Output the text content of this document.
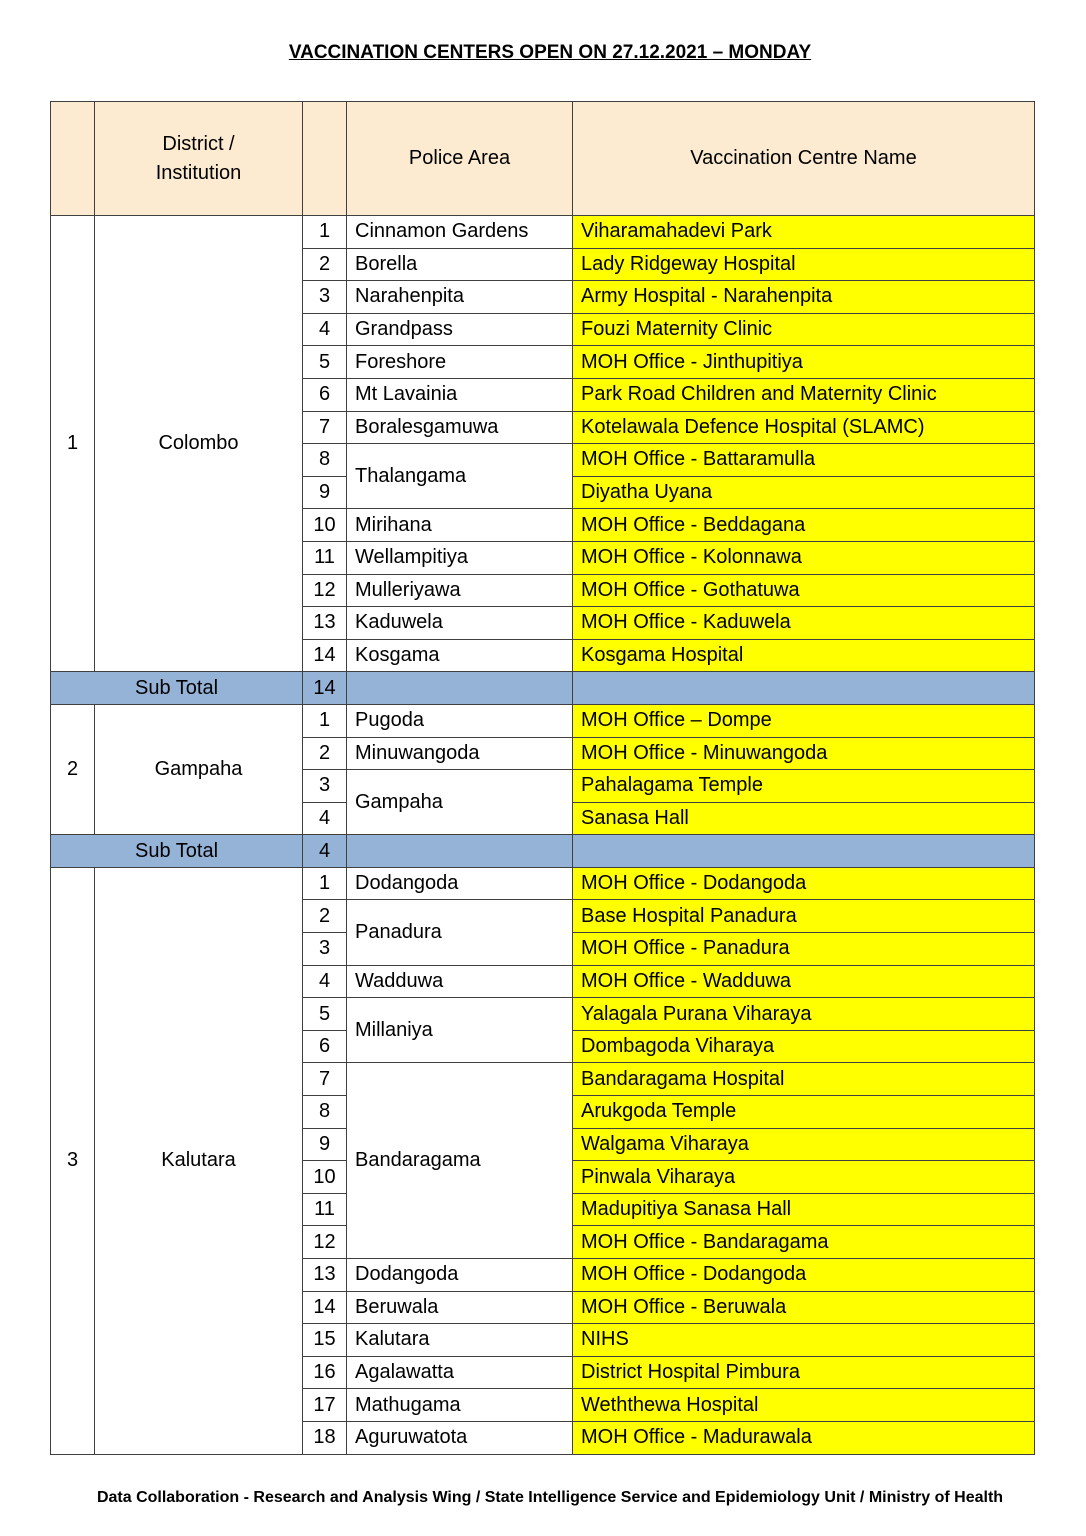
VACCINATION CENTERS OPEN ON 27.12.2021 – MONDAY
	District / Institution		Police Area	Vaccination Centre Name
1	Colombo	1	Cinnamon Gardens	Viharamahadevi Park
		2	Borella	Lady Ridgeway Hospital
		3	Narahenpita	Army Hospital - Narahenpita
		4	Grandpass	Fouzi Maternity Clinic
		5	Foreshore	MOH Office - Jinthupitiya
		6	Mt Lavainia	Park Road Children and Maternity Clinic
		7	Boralesgamuwa	Kotelawala Defence Hospital (SLAMC)
		8	Thalangama	MOH Office - Battaramulla
		9		Diyatha Uyana
		10	Mirihana	MOH Office - Beddagana
		11	Wellampitiya	MOH Office - Kolonnawa
		12	Mulleriyawa	MOH Office - Gothatuwa
		13	Kaduwela	MOH Office - Kaduwela
		14	Kosgama	Kosgama Hospital
Sub Total		14		
2	Gampaha	1	Pugoda	MOH Office – Dompe
		2	Minuwangoda	MOH Office - Minuwangoda
		3	Gampaha	Pahalagama Temple
		4		Sanasa Hall
Sub Total		4		
3	Kalutara	1	Dodangoda	MOH Office - Dodangoda
		2	Panadura	Base Hospital Panadura
		3		MOH Office - Panadura
		4	Wadduwa	MOH Office - Wadduwa
		5	Millaniya	Yalagala Purana Viharaya
		6		Dombagoda Viharaya
		7	Bandaragama	Bandaragama Hospital
		8		Arukgoda Temple
		9		Walgama Viharaya
		10		Pinwala Viharaya
		11		Madupitiya Sanasa Hall
		12		MOH Office - Bandaragama
		13	Dodangoda	MOH Office - Dodangoda
		14	Beruwala	MOH Office - Beruwala
		15	Kalutara	NIHS
		16	Agalawatta	District Hospital Pimbura
		17	Mathugama	Weththewa Hospital
		18	Aguruwatota	MOH Office - Madurawala
Data Collaboration - Research and Analysis Wing / State Intelligence Service and Epidemiology Unit / Ministry of Health
